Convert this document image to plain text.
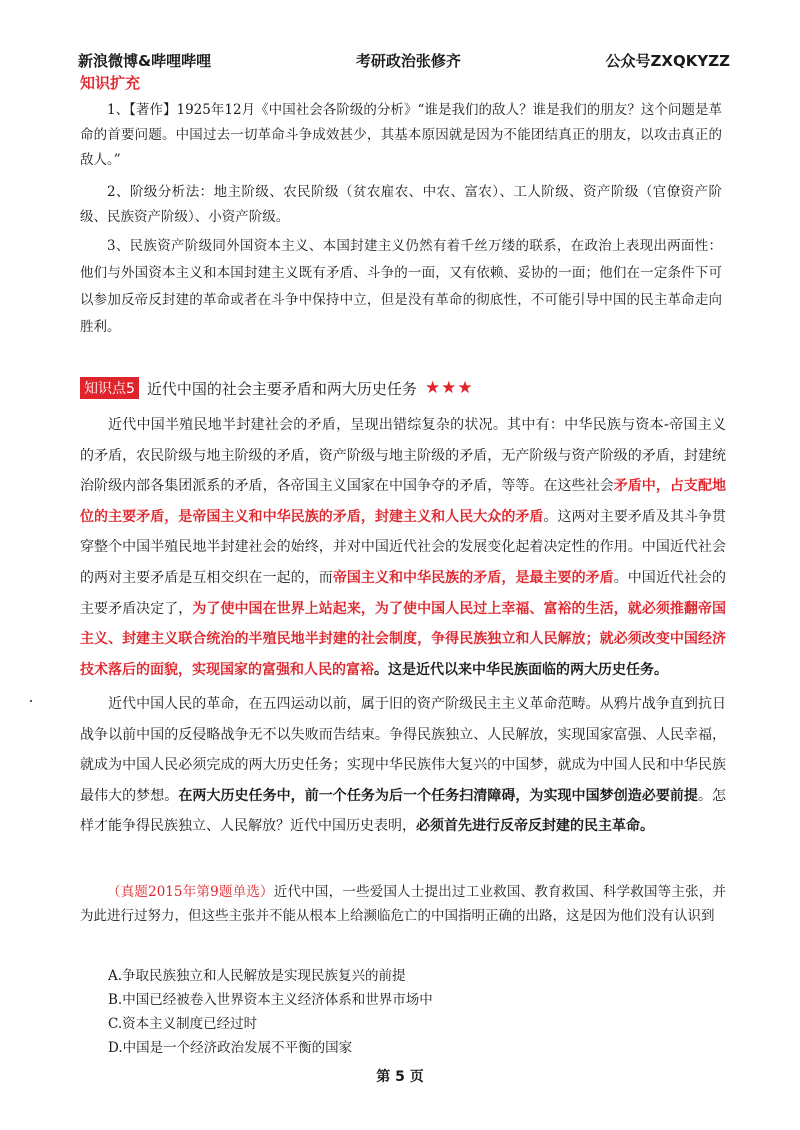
新浪微博&哔哩哔哩	考研政治张修齐	公众号ZXQKYZZ
知识扩充

1、【著作】1925年12月《中国社会各阶级的分析》“谁是我们的敌人？谁是我们的朋友？这个问题是革命的首要问题。中国过去一切革命斗争成效甚少，其基本原因就是因为不能团结真正的朋友，以攻击真正的敌人。”

2、阶级分析法：地主阶级、农民阶级（贫农雇农、中农、富农）、工人阶级、资产阶级（官僚资产阶级、民族资产阶级）、小资产阶级。

3、民族资产阶级同外国资本主义、本国封建主义仍然有着千丝万缕的联系，在政治上表现出两面性：他们与外国资本主义和本国封建主义既有矛盾、斗争的一面，又有依赖、妥协的一面；他们在一定条件下可以参加反帝反封建的革命或者在斗争中保持中立，但是没有革命的彻底性，不可能引导中国的民主革命走向胜利。

知识点5 近代中国的社会主要矛盾和两大历史任务 ★★★

近代中国半殖民地半封建社会的矛盾，呈现出错综复杂的状况。其中有：中华民族与资本-帝国主义的矛盾，农民阶级与地主阶级的矛盾，资产阶级与地主阶级的矛盾，无产阶级与资产阶级的矛盾，封建统治阶级内部各集团派系的矛盾，各帝国主义国家在中国争夺的矛盾，等等。在这些社会矛盾中，占支配地位的主要矛盾，是帝国主义和中华民族的矛盾，封建主义和人民大众的矛盾。这两对主要矛盾及其斗争贯穿整个中国半殖民地半封建社会的始终，并对中国近代社会的发展变化起着决定性的作用。中国近代社会的两对主要矛盾是互相交织在一起的，而帝国主义和中华民族的矛盾，是最主要的矛盾。中国近代社会的主要矛盾决定了，为了使中国在世界上站起来，为了使中国人民过上幸福、富裕的生活，就必须推翻帝国主义、封建主义联合统治的半殖民地半封建的社会制度，争得民族独立和人民解放；就必须改变中国经济技术落后的面貌，实现国家的富强和人民的富裕。这是近代以来中华民族面临的两大历史任务。

近代中国人民的革命，在五四运动以前，属于旧的资产阶级民主主义革命范畴。从鸦片战争直到抗日战争以前中国的反侵略战争无不以失败而告结束。争得民族独立、人民解放，实现国家富强、人民幸福，就成为中国人民必须完成的两大历史任务；实现中华民族伟大复兴的中国梦，就成为中国人民和中华民族最伟大的梦想。在两大历史任务中，前一个任务为后一个任务扫清障碍，为实现中国梦创造必要前提。怎样才能争得民族独立、人民解放？近代中国历史表明，必须首先进行反帝反封建的民主革命。

（真题2015年第9题单选）近代中国，一些爱国人士提出过工业救国、教育救国、科学救国等主张，并为此进行过努力，但这些主张并不能从根本上给濒临危亡的中国指明正确的出路，这是因为他们没有认识到

A.争取民族独立和人民解放是实现民族复兴的前提
B.中国已经被卷入世界资本主义经济体系和世界市场中
C.资本主义制度已经过时
D.中国是一个经济政治发展不平衡的国家
第 5 页
